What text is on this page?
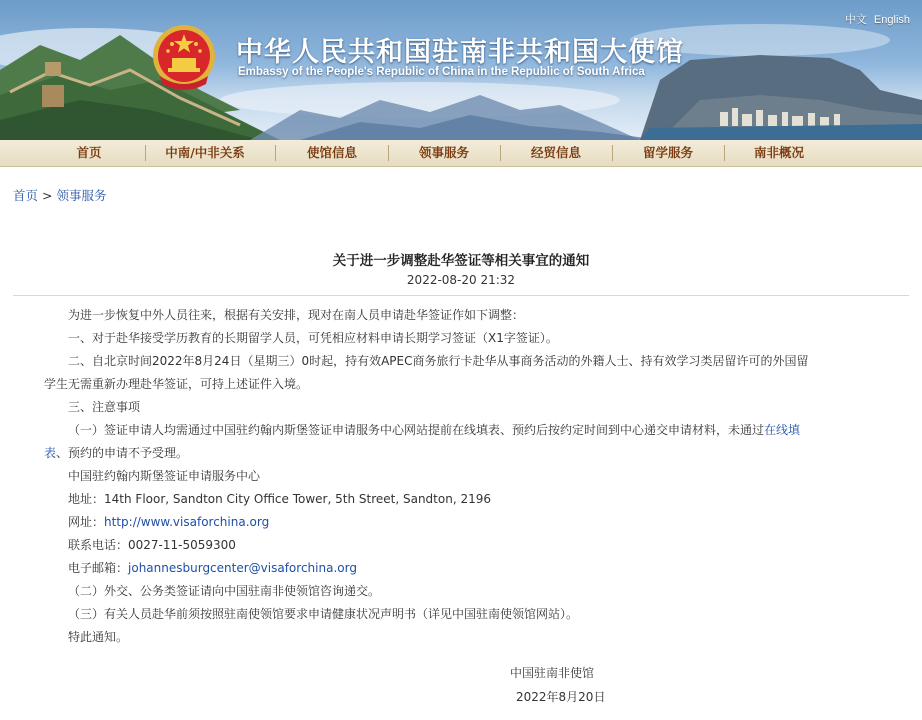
中华人民共和国驻南非共和国大使馆
Embassy of the People's Republic of China in the Republic of South Africa
中文 English
首页	中南/中非关系	使馆信息	领事服务	经贸信息	留学服务	南非概况
首页 > 领事服务
关于进一步调整赴华签证等相关事宜的通知
2022-08-20 21:32
为进一步恢复中外人员往来，根据有关安排，现对在南人员申请赴华签证作如下调整：
一、对于赴华接受学历教育的长期留学人员，可凭相应材料申请长期学习签证（X1字签证）。
二、自北京时间2022年8月24日（星期三）0时起，持有效APEC商务旅行卡赴华从事商务活动的外籍人士、持有效学习类居留许可的外国留
学生无需重新办理赴华签证，可持上述证件入境。
三、注意事项
（一）签证申请人均需通过中国驻约翰内斯堡签证申请服务中心网站提前在线填表、预约后按约定时间到中心递交申请材料，未通过在线填
表、预约的申请不予受理。
中国驻约翰内斯堡签证申请服务中心
地址：14th Floor, Sandton City Office Tower, 5th Street, Sandton, 2196
网址：http://www.visaforchina.org
联系电话：0027-11-5059300
电子邮箱：johannesburgcenter@visaforchina.org
（二）外交、公务类签证请向中国驻南非使领馆咨询递交。
（三）有关人员赴华前须按照驻南使领馆要求申请健康状况声明书（详见中国驻南使领馆网站）。
特此通知。
中国驻南非使馆
2022年8月20日
